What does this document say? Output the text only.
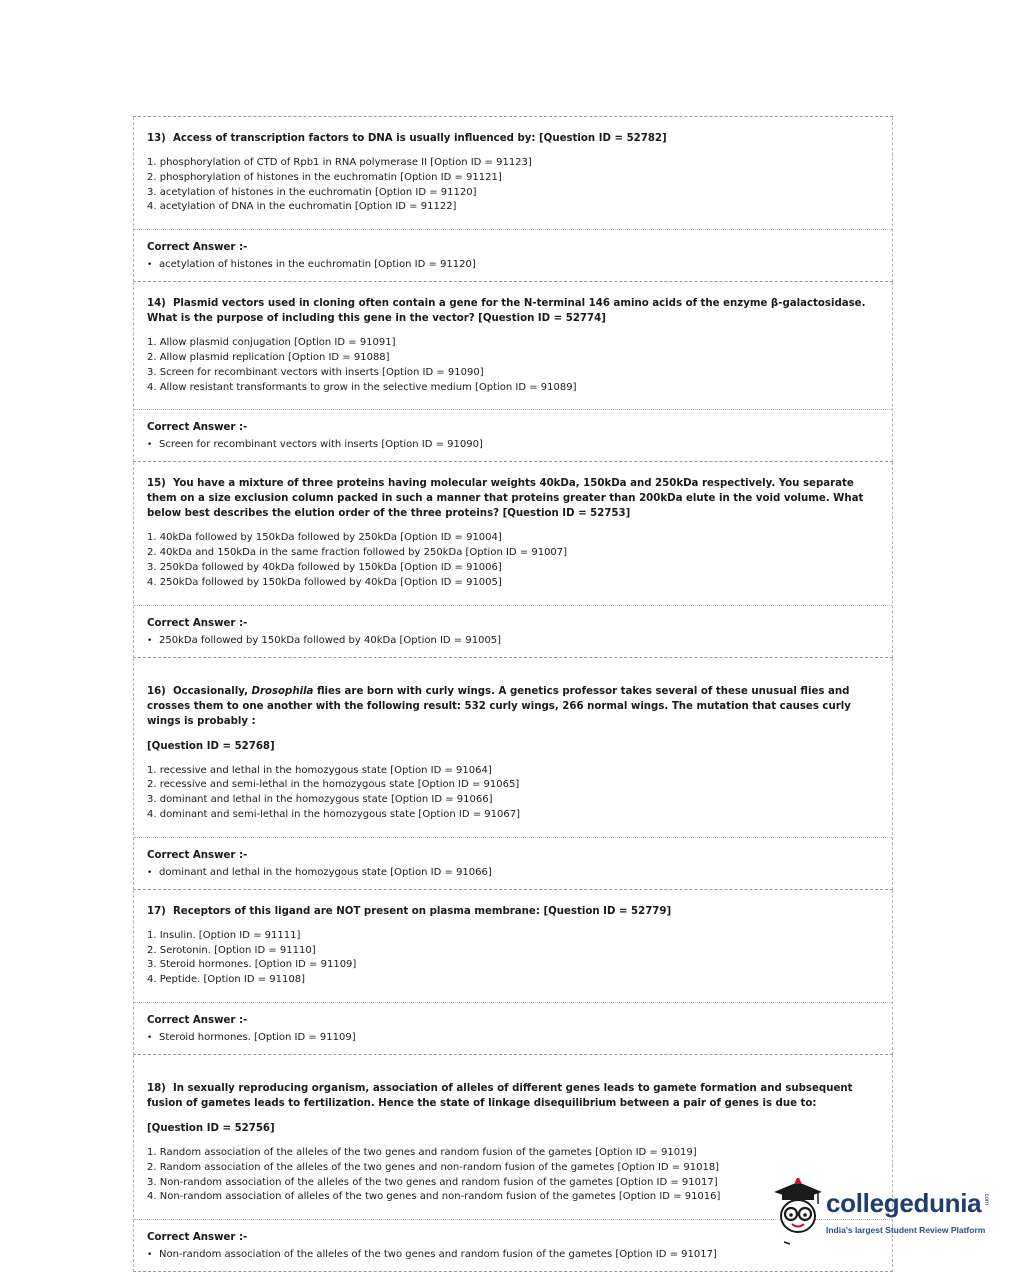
13) Access of transcription factors to DNA is usually influenced by: [Question ID = 52782]
1. phosphorylation of CTD of Rpb1 in RNA polymerase II [Option ID = 91123]
2. phosphorylation of histones in the euchromatin [Option ID = 91121]
3. acetylation of histones in the euchromatin [Option ID = 91120]
4. acetylation of DNA in the euchromatin [Option ID = 91122]
Correct Answer :-
• acetylation of histones in the euchromatin [Option ID = 91120]
14) Plasmid vectors used in cloning often contain a gene for the N-terminal 146 amino acids of the enzyme β-galactosidase. What is the purpose of including this gene in the vector? [Question ID = 52774]
1. Allow plasmid conjugation [Option ID = 91091]
2. Allow plasmid replication [Option ID = 91088]
3. Screen for recombinant vectors with inserts [Option ID = 91090]
4. Allow resistant transformants to grow in the selective medium [Option ID = 91089]
Correct Answer :-
• Screen for recombinant vectors with inserts [Option ID = 91090]
15) You have a mixture of three proteins having molecular weights 40kDa, 150kDa and 250kDa respectively. You separate them on a size exclusion column packed in such a manner that proteins greater than 200kDa elute in the void volume. What below best describes the elution order of the three proteins? [Question ID = 52753]
1. 40kDa followed by 150kDa followed by 250kDa [Option ID = 91004]
2. 40kDa and 150kDa in the same fraction followed by 250kDa [Option ID = 91007]
3. 250kDa followed by 40kDa followed by 150kDa [Option ID = 91006]
4. 250kDa followed by 150kDa followed by 40kDa [Option ID = 91005]
Correct Answer :-
• 250kDa followed by 150kDa followed by 40kDa [Option ID = 91005]
16) Occasionally, Drosophila flies are born with curly wings. A genetics professor takes several of these unusual flies and crosses them to one another with the following result: 532 curly wings, 266 normal wings. The mutation that causes curly wings is probably :
[Question ID = 52768]
1. recessive and lethal in the homozygous state [Option ID = 91064]
2. recessive and semi-lethal in the homozygous state [Option ID = 91065]
3. dominant and lethal in the homozygous state [Option ID = 91066]
4. dominant and semi-lethal in the homozygous state [Option ID = 91067]
Correct Answer :-
• dominant and lethal in the homozygous state [Option ID = 91066]
17) Receptors of this ligand are NOT present on plasma membrane: [Question ID = 52779]
1. Insulin. [Option ID = 91111]
2. Serotonin. [Option ID = 91110]
3. Steroid hormones. [Option ID = 91109]
4. Peptide. [Option ID = 91108]
Correct Answer :-
• Steroid hormones. [Option ID = 91109]
18) In sexually reproducing organism, association of alleles of different genes leads to gamete formation and subsequent fusion of gametes leads to fertilization. Hence the state of linkage disequilibrium between a pair of genes is due to:
[Question ID = 52756]
1. Random association of the alleles of the two genes and random fusion of the gametes [Option ID = 91019]
2. Random association of the alleles of the two genes and non-random fusion of the gametes [Option ID = 91018]
3. Non-random association of the alleles of the two genes and random fusion of the gametes [Option ID = 91017]
4. Non-random association of alleles of the two genes and non-random fusion of the gametes [Option ID = 91016]
Correct Answer :-
• Non-random association of the alleles of the two genes and random fusion of the gametes [Option ID = 91017]
collegedunia .com
India's largest Student Review Platform
